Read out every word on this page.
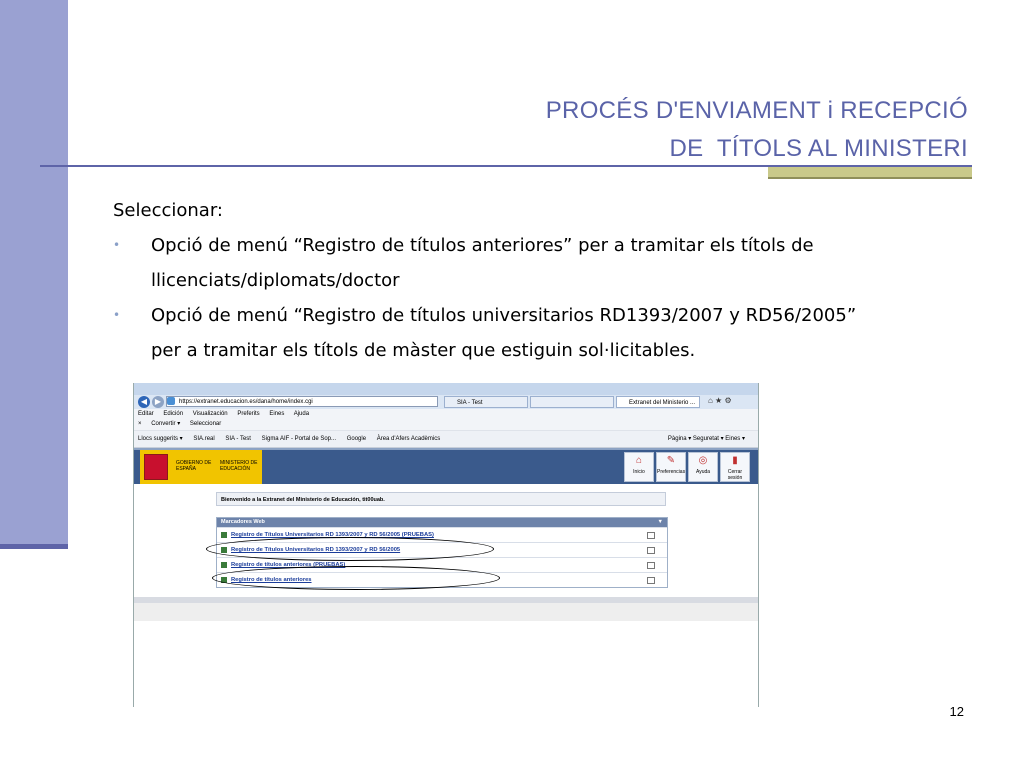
PROCÉS D'ENVIAMENT i RECEPCIÓ
DE  TÍTOLS AL MINISTERI
Seleccionar:
• Opció de menú “Registro de títulos anteriores” per a tramitar els títols de
llicenciats/diplomats/doctor
• Opció de menú “Registro de títulos universitarios RD1393/2007 y RD56/2005”
per a tramitar els títols de màster que estiguin sol·licitables.
◀ ▶	https://extranet.educacion.es/dana/home/index.cgi	SIA - Test	Extranet del Ministerio ...	⌂ ★ ⚙
Editar Edición Visualización Preferits Eines Ajuda
× Convertir ▾ Seleccionar
Llocs suggerits ▾ SIA.real SIA - Test Sigma AIF - Portal de Sop... Google Àrea d'Afers Acadèmics	Pàgina ▾ Seguretat ▾ Eines ▾
GOBIERNO DE ESPAÑA
MINISTERIO DE EDUCACIÓN
⌂
Inicio
✎
Preferencias
◎
Ayuda
▮
Cerrar sesión
Bienvenido a la Extranet del Ministerio de Educación, tit00uab.
Marcadores Web	▼
Registro de Títulos Universitarios RD 1393/2007 y RD 56/2005 (PRUEBAS)
Registro de Títulos Universitarios RD 1393/2007 y RD 56/2005
Registro de títulos anteriores (PRUEBAS)
Registro de títulos anteriores
12
